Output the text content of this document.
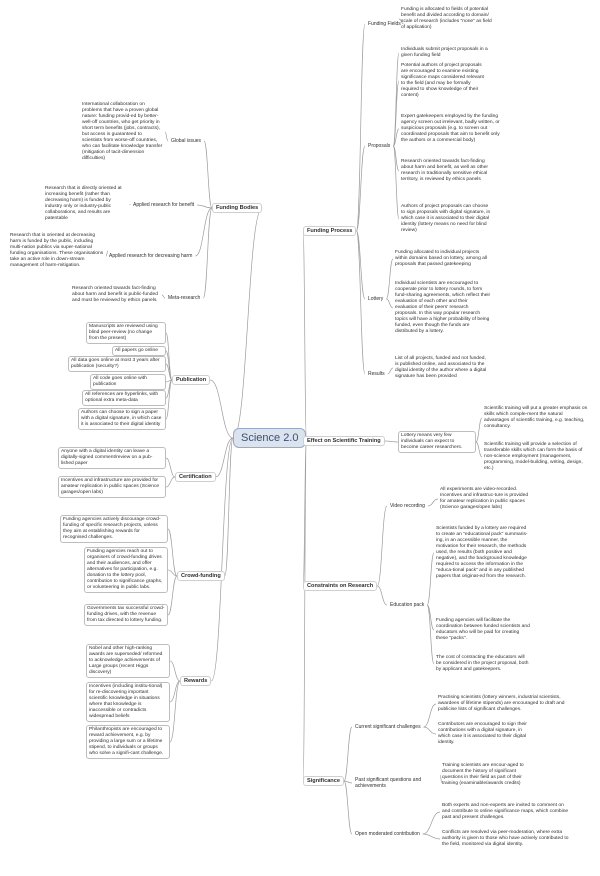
Science 2.0
Funding Bodies
Global issues
International collaboration on problems that have a proven global nature: funding provid-ed by better-well-off countries, who get priority in short term benefits (jobs, contracts), but access is guaranteed to scientists from worse-off countries, who can facilitate knowledge transfer (mitigation of tacit-dimension difficulties)
Applied research for benefit
Research that is directly oriented at increasing benefit (rather than decreasing harm) is funded by industry only or industry-public collaborations, and results are patentable
Applied research for decreasing harm
Research that is oriented at decreasing harm is funded by the public, including multi-nation publics via super-national funding organisations. These organisations take an active role in down-stream management of harm-mitigation.
Meta-research
Research oriented towards fact-finding about harm and benefit is public-funded and must be reviewed by ethics panels.
Publication
Manuscripts are reviewed using blind peer-review (no change from the present)
All papers go online
All data goes online at most 3 years after publication (security?)
All code goes online with publication
All references are hyperlinks, with optional extra meta-data
Authors can choose to sign a paper with a digital signature, in which case it is associated to their digital identity
Certification
Anyone with a digital identity can leave a digitally-signed comment/review on a pub-lished paper
Incentives and infrastructure are provided for amateur replication in public spaces (Science garages/open labs)
Crowd-funding
Funding agencies actively discourage crowd-funding of specific research projects, unless they aim at establishing rewards for recognised challenges.
Funding agencies reach out to organisers of crowd-funding drives and their audiences, and offer alternatives for participation, e.g. donation to the lottery pool, contribution to significance graphs, or volunteering in public labs.
Governments tax successful crowd-funding drives, with the revenue from tax directed to lottery funding.
Rewards
Nobel and other high-ranking awards are superseded/ reformed to acknowledge achievements of Large groups (recent Higgs discovery)
Incentives (including institu-tional) for re-discovering important scientific knowledge in situations where that knowledge is inaccessible or contradicts widespread beliefs
Philanthropists are encouraged to reward achievement, e.g. by providing a large sum or a lifetime stipend, to individuals or groups who solve a signifi-cant challenge.
Funding Process
Funding Fields
Funding is allocated to fields of potential benefit and divided according to domain/ scale of research (includes "none" as field of application)
Proposals
Individuals submit project proposals in a given funding field
Potential authors of project proposals are encouraged to examine existing significance maps considered relevant to the field (and may be formally required to show knowledge of their content)
Expert gatekeepers employed by the funding agency screen out irrelevant, badly written, or suspicious proposals (e.g. to screen out coordinated proposals that aim to benefit only the authors or a commercial body)
Research oriented towards fact-finding about harm and benefit, as well as other research in traditionally sensitive ethical territory, is reviewed by ethics panels
Authors of project proposals can choose to sign proposals with digital signature, in which case it is associated to their digital identity (lottery means no need for blind review)
Lottery
Funding allocated to individual projects within domains based on lottery, among all proposals that passed gatekeeping
Individual scientists are encouraged to cooperate prior to lottery rounds, to form fund-sharing agreements, which reflect their evaluation of each other and their evaluation of their peers' research proposals. In this way popular research topics will have a higher probability of being funded, even though the funds are distributed by a lottery.
Results
List of all projects, funded and not funded, is published online, and associated to the digital identity of the author where a digital signature has been provided
Effect on Scientific Training
Lottery means very few individuals can expect to become career researchers.
Scientific training will put a greater emphasis on skills which comple-ment the natural advantages of scientific training, e.g. teaching, consultancy.
Scientific training will provide a selection of transferable skills which can form the basis of non-science employment (management, programming, model-building, writing, design, etc.)
Constraints on Research
Video recording
All experiments are video-recorded. Incentives and infrastruc-ture is provided for amateur replication in public spaces (Science garages/open labs)
Education pack
Scientists funded by a lottery are required to create an "educational pack" summaris-ing, in an accessible manner, the motivation for their research, the methods used, the results (both positive and negative), and the background knowledge required to access the information in the "educa-tional pack" and in any published papers that originat-ed from the research.
Funding agencies will facilitate the coordination between funded scientists and educators who will be paid for creating these "packs".
The cost of contracting the educators will be considered in the project proposal, both by applicant and gatekeepers.
Significance
Current significant challenges
Practising scientists (lottery winners, industrial scientists, awardees of lifetime stipends) are encouraged to draft and publicise lists of significant challenges.
Contributors are encouraged to sign their contributions with a digital signature, in which case it is associated to their digital identity.
Past significant questions and achievements
Training scientists are encour-aged to document the history of significant questions in their field as part of their training (examinable/awards credits)
Open moderated contribution
Both experts and non-experts are invited to comment on and contribute to online significance maps, which combine past and present challenges.
Conflicts are resolved via peer-moderation, where extra authority is given to those who have actively contributed to the field, monitored via digital identity.
